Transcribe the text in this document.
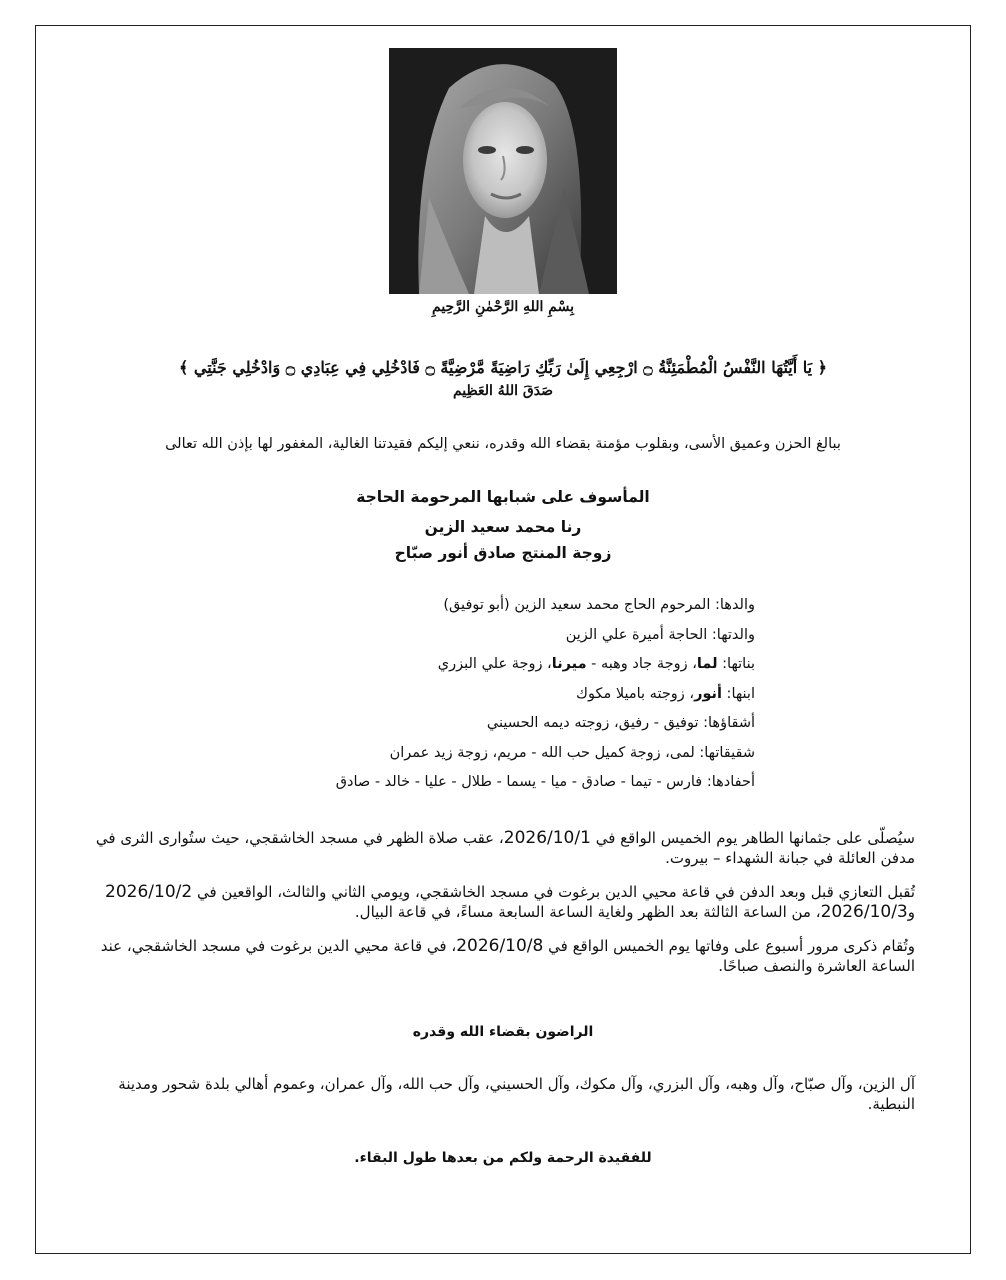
بِسْمِ اللهِ الرَّحْمٰنِ الرَّحِيمِ
﴿ يَا أَيَّتُهَا النَّفْسُ الْمُطْمَئِنَّةُ ۝ ارْجِعِي إِلَىٰ رَبِّكِ رَاضِيَةً مَّرْضِيَّةً ۝ فَادْخُلِي فِي عِبَادِي ۝ وَادْخُلِي جَنَّتِي ﴾
صَدَقَ اللهُ العَظِيم
ببالغ الحزن وعميق الأسى، وبقلوب مؤمنة بقضاء الله وقدره، ننعي إليكم فقيدتنا الغالية، المغفور لها بإذن الله تعالى
المأسوف على شبابها المرحومة الحاجة
رنا محمد سعيد الزين
زوجة المنتج صادق أنور صبّاح
والدها: المرحوم الحاج محمد سعيد الزين (أبو توفيق)
والدتها: الحاجة أميرة علي الزين
بناتها: لما، زوجة جاد وهبه - ميرنا، زوجة علي البزري
ابنها: أنور، زوجته باميلا مكوك
أشقاؤها: توفيق - رفيق، زوجته ديمه الحسيني
شقيقاتها: لمى، زوجة كميل حب الله - مريم، زوجة زيد عمران
أحفادها: فارس - تيما - صادق - ميا - يسما - طلال - عليا - خالد - صادق
سيُصلّى على جثمانها الطاهر يوم الخميس الواقع في 2026/10/1، عقب صلاة الظهر في مسجد الخاشقجي، حيث ستُوارى الثرى في مدفن العائلة في جبانة الشهداء – بيروت.
تُقبل التعازي قبل وبعد الدفن في قاعة محيي الدين برغوت في مسجد الخاشقجي، ويومي الثاني والثالث، الواقعين في 2026/10/2 و2026/10/3، من الساعة الثالثة بعد الظهر ولغاية الساعة السابعة مساءً، في قاعة البيال.
وتُقام ذكرى مرور أسبوع على وفاتها يوم الخميس الواقع في 2026/10/8، في قاعة محيي الدين برغوت في مسجد الخاشقجي، عند الساعة العاشرة والنصف صباحًا.
الراضون بقضاء الله وقدره
آل الزين، وآل صبّاح، وآل وهبه، وآل البزري، وآل مكوك، وآل الحسيني، وآل حب الله، وآل عمران، وعموم أهالي بلدة شحور ومدينة النبطية.
للفقيدة الرحمة ولكم من بعدها طول البقاء.
